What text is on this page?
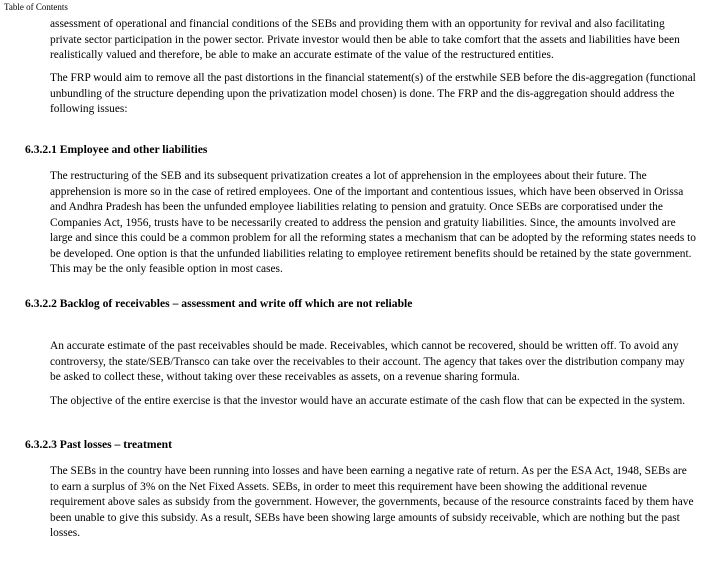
Table of Contents
assessment of operational and financial conditions of the SEBs and providing them with an opportunity for revival and also facilitating
private sector participation in the power sector. Private investor would then be able to take comfort that the assets and liabilities have been
realistically valued and therefore, be able to make an accurate estimate of the value of the restructured entities.
The FRP would aim to remove all the past distortions in the financial statement(s) of the erstwhile SEB before the dis-aggregation (functional
unbundling of the structure depending upon the privatization model chosen) is done. The FRP and the dis-aggregation should address the
following issues:
6.3.2.1 Employee and other liabilities
The restructuring of the SEB and its subsequent privatization creates a lot of apprehension in the employees about their future. The
apprehension is more so in the case of retired employees. One of the important and contentious issues, which have been observed in Orissa
and Andhra Pradesh has been the unfunded employee liabilities relating to pension and gratuity. Once SEBs are corporatised under the
Companies Act, 1956, trusts have to be necessarily created to address the pension and gratuity liabilities. Since, the amounts involved are
large and since this could be a common problem for all the reforming states a mechanism that can be adopted by the reforming states needs to
be developed. One option is that the unfunded liabilities relating to employee retirement benefits should be retained by the state government.
This may be the only feasible option in most cases.
6.3.2.2 Backlog of receivables – assessment and write off which are not reliable
An accurate estimate of the past receivables should be made. Receivables, which cannot be recovered, should be written off. To avoid any
controversy, the state/SEB/Transco can take over the receivables to their account. The agency that takes over the distribution company may
be asked to collect these, without taking over these receivables as assets, on a revenue sharing formula.
The objective of the entire exercise is that the investor would have an accurate estimate of the cash flow that can be expected in the system.
6.3.2.3 Past losses – treatment
The SEBs in the country have been running into losses and have been earning a negative rate of return. As per the ESA Act, 1948, SEBs are
to earn a surplus of 3% on the Net Fixed Assets. SEBs, in order to meet this requirement have been showing the additional revenue
requirement above sales as subsidy from the government. However, the governments, because of the resource constraints faced by them have
been unable to give this subsidy. As a result, SEBs have been showing large amounts of subsidy receivable, which are nothing but the past
losses.
